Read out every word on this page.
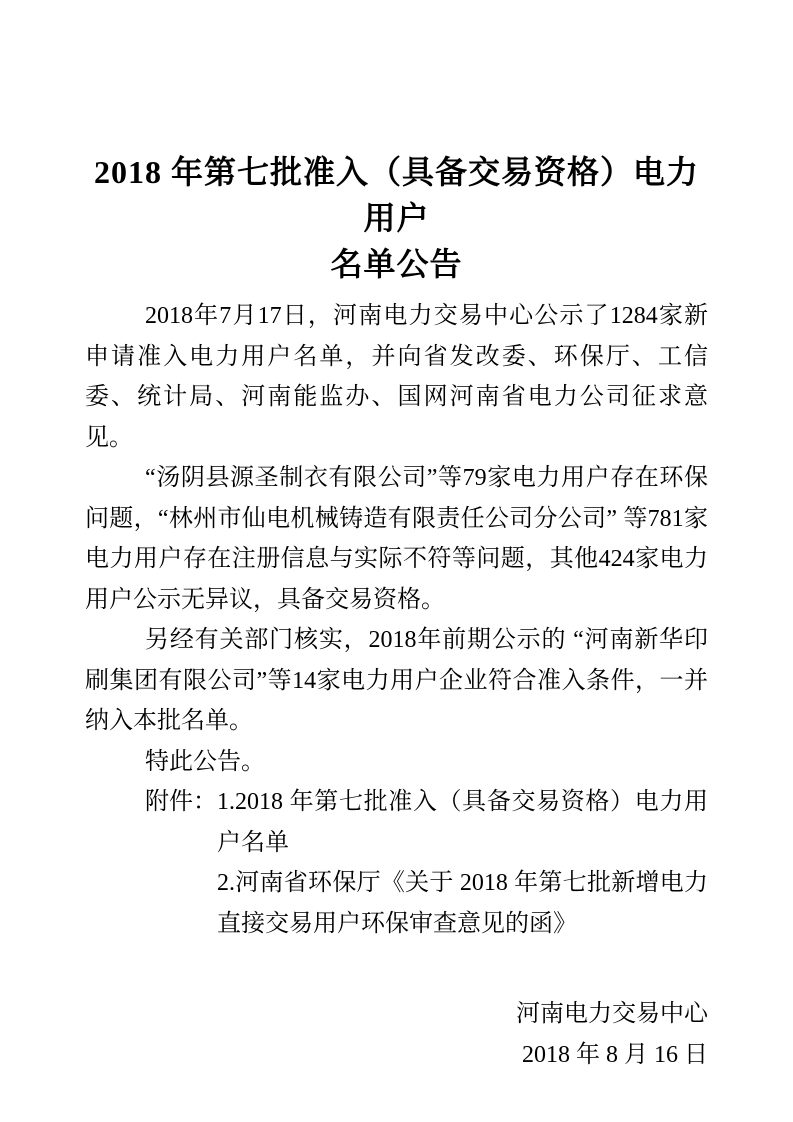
2018 年第七批准入（具备交易资格）电力用户
名单公告

2018年7月17日，河南电力交易中心公示了1284家新申请准入电力用户名单，并向省发改委、环保厅、工信委、统计局、河南能监办、国网河南省电力公司征求意见。

“汤阴县源圣制衣有限公司”等79家电力用户存在环保问题，“林州市仙电机械铸造有限责任公司分公司” 等781家电力用户存在注册信息与实际不符等问题，其他424家电力用户公示无异议，具备交易资格。

另经有关部门核实，2018年前期公示的 “河南新华印刷集团有限公司”等14家电力用户企业符合准入条件，一并纳入本批名单。

特此公告。

附件： 1.2018 年第七批准入（具备交易资格）电力用户名单
2.河南省环保厅《关于 2018 年第七批新增电力直接交易用户环保审查意见的函》
河南电力交易中心
2018 年 8 月 16 日
